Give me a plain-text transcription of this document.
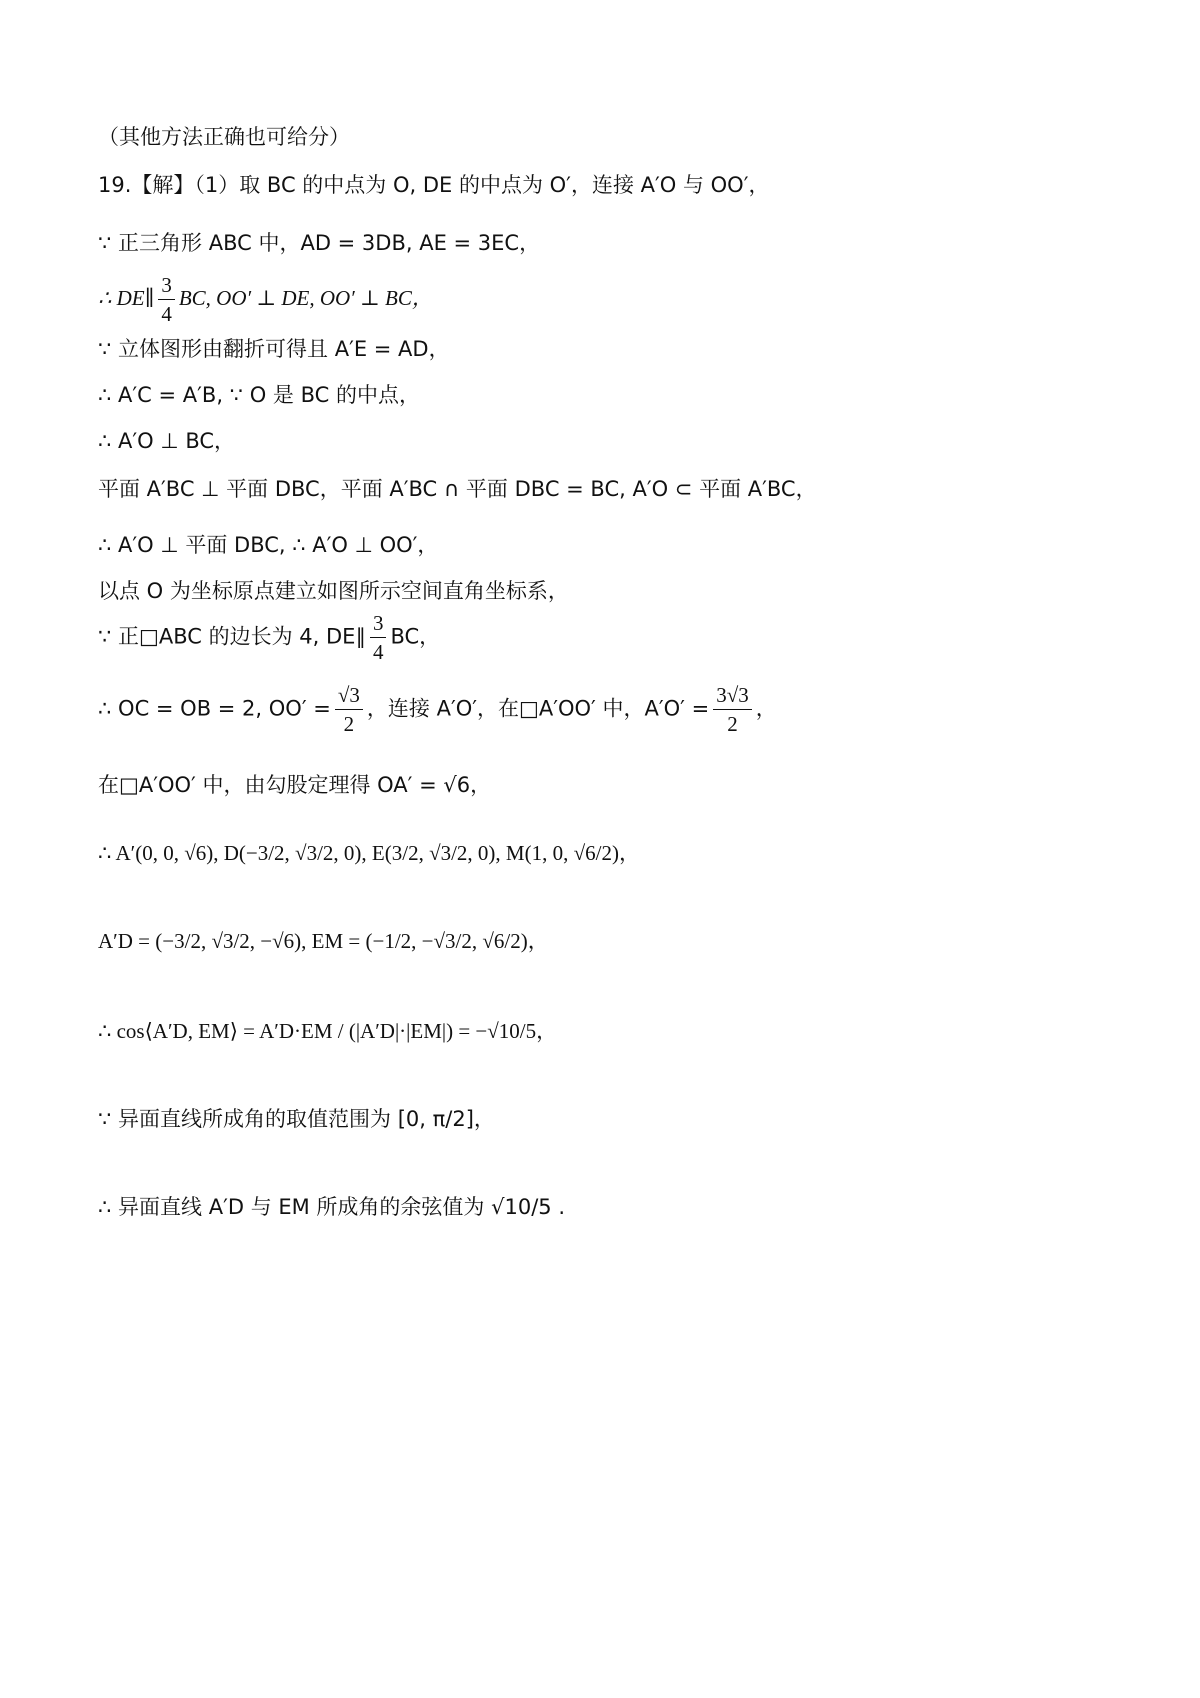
（其他方法正确也可给分）
19.【解】（1）取 BC 的中点为 O, DE 的中点为 O′，连接 A′O 与 OO′，
∵ 正三角形 ABC 中，AD = 3DB, AE = 3EC，
∴ DE∥ $\frac{3}{4}$ BC, OO′ ⊥ DE, OO′ ⊥ BC，
∵ 立体图形由翻折可得且 A′E = AD，
∴ A′C = A′B, ∵ O 是 BC 的中点，
∴ A′O ⊥ BC，
平面 A′BC ⊥ 平面 DBC，平面 A′BC ∩ 平面 DBC = BC, A′O ⊂ 平面 A′BC，
∴ A′O ⊥ 平面 DBC, ∴ A′O ⊥ OO′，
以点 O 为坐标原点建立如图所示空间直角坐标系，
∵ 正□ABC 的边长为 4, DE∥ $\frac{3}{4}$ BC，
∴ OC = OB = 2, $OO' = \frac{√3}{2}$ ，连接 A′O′，在□A′OO′ 中，$A'O' = \frac{3√3}{2}$ ，
在□A′OO′ 中，由勾股定理得 OA′ = √6，
∴ A′(0, 0, √6), D(−3/2, √3/2, 0), E(3/2, √3/2, 0), M(1, 0, √6/2)，
A′D = (−3/2, √3/2, −√6), EM = (−1/2, −√3/2, √6/2)，
∴ cos⟨A′D, EM⟩ = A′D·EM / (|A′D|·|EM|) = −√10/5，
∵ 异面直线所成角的取值范围为 [0, π/2]，
∴ 异面直线 A′D 与 EM 所成角的余弦值为 √10/5 .
